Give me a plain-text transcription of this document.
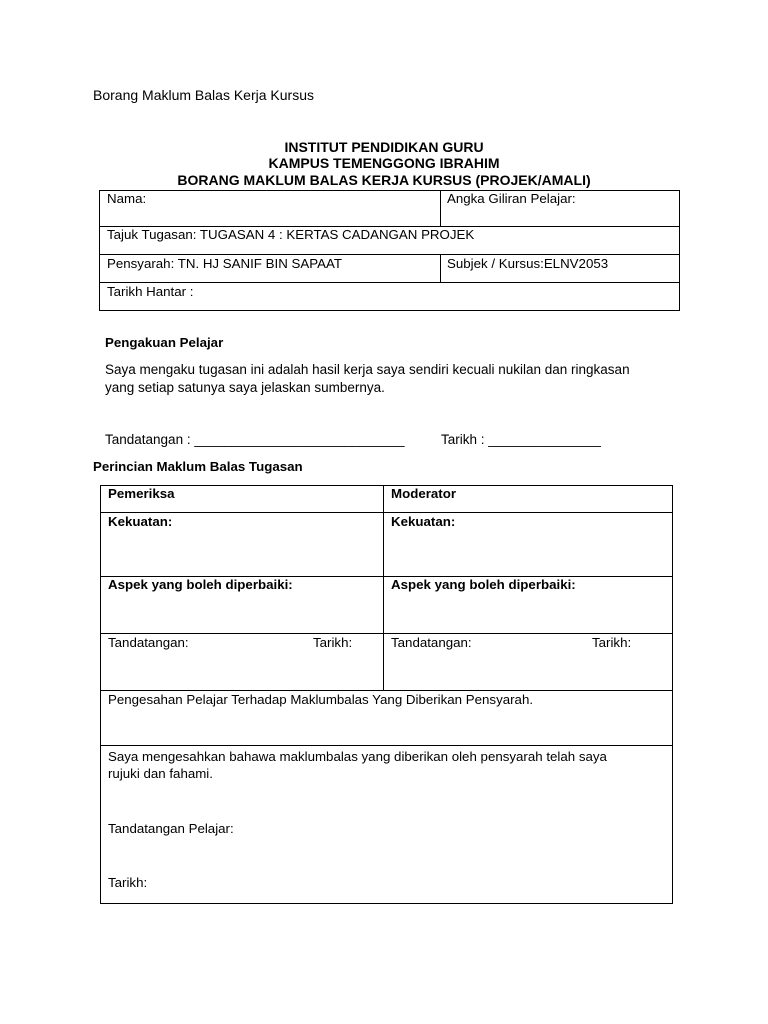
Borang Maklum Balas Kerja Kursus
INSTITUT PENDIDIKAN GURU
KAMPUS TEMENGGONG IBRAHIM
BORANG MAKLUM BALAS KERJA KURSUS (PROJEK/AMALI)
Nama:	Angka Giliran Pelajar:
Tajuk Tugasan: TUGASAN 4 : KERTAS CADANGAN PROJEK
Pensyarah: TN. HJ SANIF BIN SAPAAT	Subjek / Kursus:ELNV2053
Tarikh Hantar :
Pengakuan Pelajar
Saya mengaku tugasan ini adalah hasil kerja saya sendiri kecuali nukilan dan ringkasan
yang setiap satunya saya jelaskan sumbernya.
Tandatangan : ____________________________	Tarikh : _______________
Perincian Maklum Balas Tugasan
Pemeriksa	Moderator
Kekuatan:	Kekuatan:
Aspek yang boleh diperbaiki:	Aspek yang boleh diperbaiki:
Tandatangan:	Tarikh:	Tandatangan:	Tarikh:
Pengesahan Pelajar Terhadap Maklumbalas Yang Diberikan Pensyarah.
Saya mengesahkan bahawa maklumbalas yang diberikan oleh pensyarah telah saya
rujuki dan fahami.
Tandatangan Pelajar:
Tarikh:
